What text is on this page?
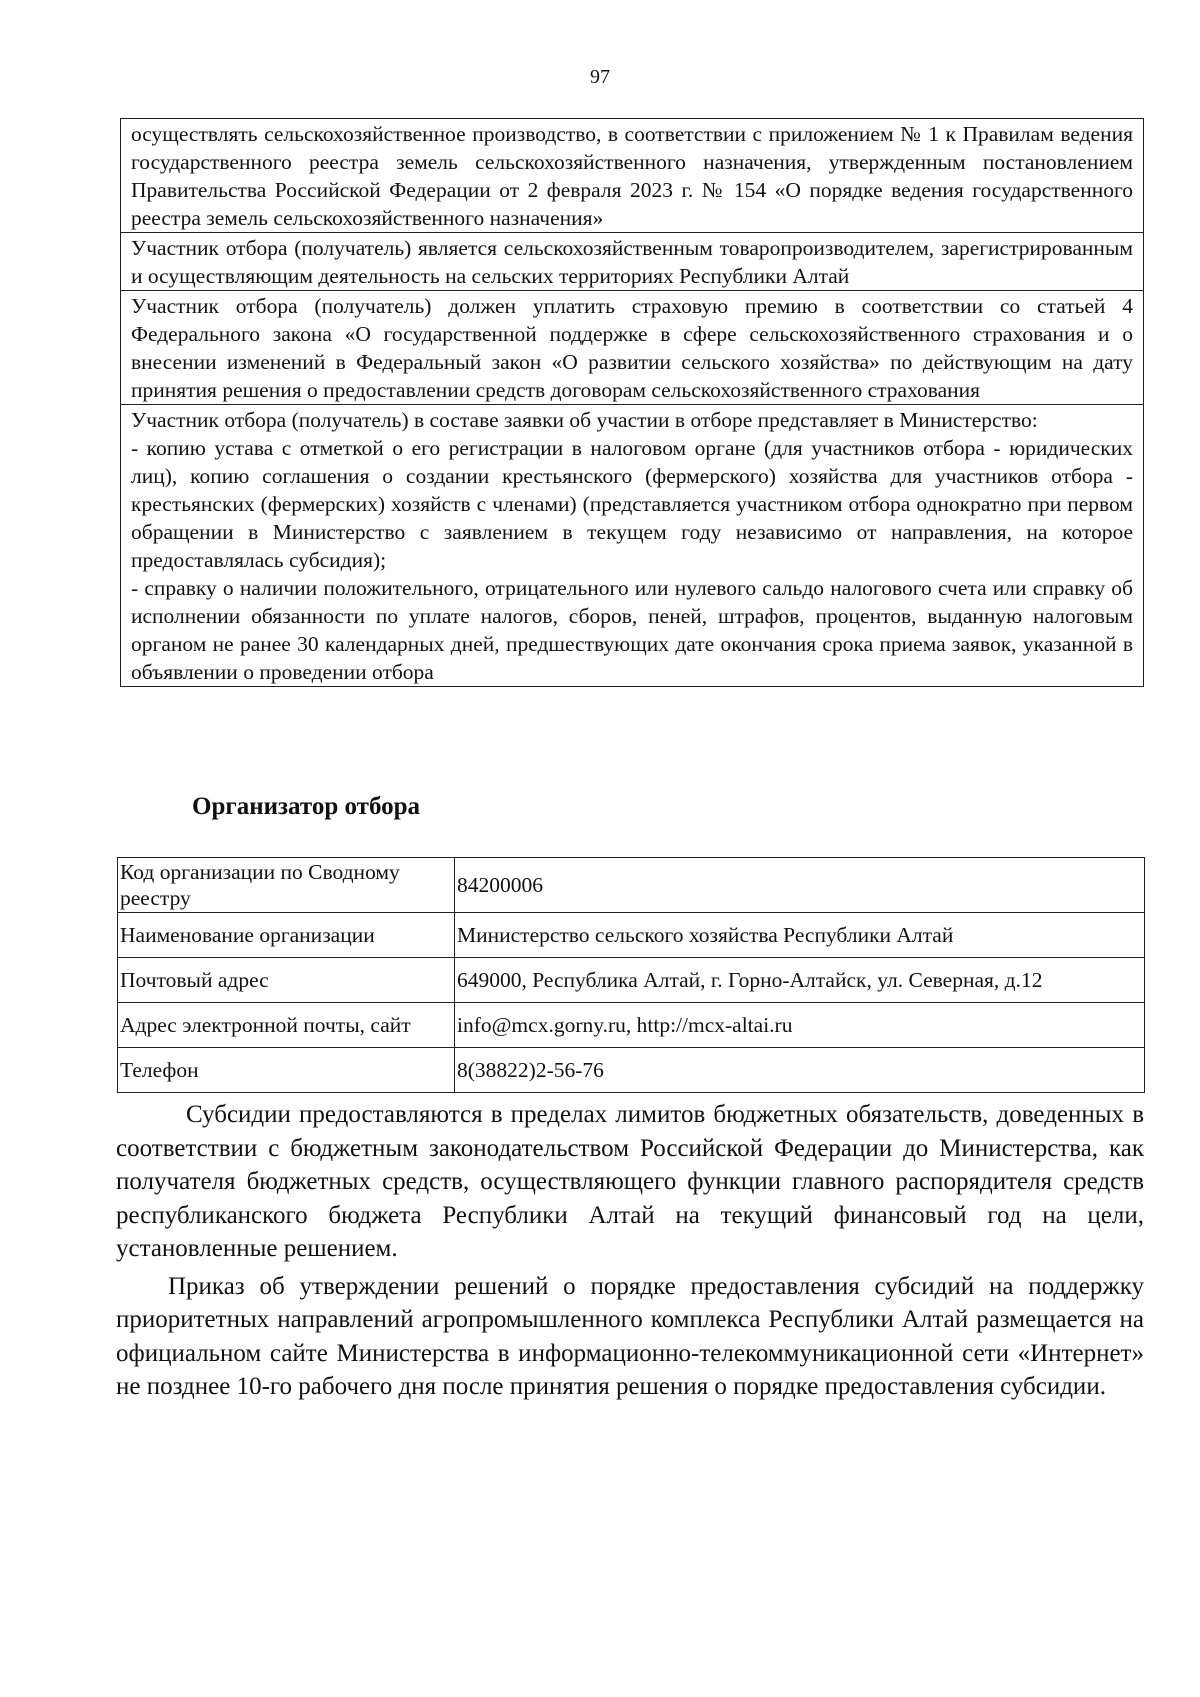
97

осуществлять сельскохозяйственное производство, в соответствии с приложением № 1 к Правилам ведения государственного реестра земель сельскохозяйственного назначения, утвержденным постановлением Правительства Российской Федерации от 2 февраля 2023 г. № 154 «О порядке ведения государственного реестра земель сельскохозяйственного назначения»

Участник отбора (получатель) является сельскохозяйственным товаропроизводителем, зарегистрированным и осуществляющим деятельность на сельских территориях Республики Алтай

Участник отбора (получатель) должен уплатить страховую премию в соответствии со статьей 4 Федерального закона «О государственной поддержке в сфере сельскохозяйственного страхования и о внесении изменений в Федеральный закон «О развитии сельского хозяйства» по действующим на дату принятия решения о предоставлении средств договорам сельскохозяйственного страхования

Участник отбора (получатель) в составе заявки об участии в отборе представляет в Министерство:

- копию устава с отметкой о его регистрации в налоговом органе (для участников отбора - юридических лиц), копию соглашения о создании крестьянского (фермерского) хозяйства для участников отбора - крестьянских (фермерских) хозяйств с членами) (представляется участником отбора однократно при первом обращении в Министерство с заявлением в текущем году независимо от направления, на которое предоставлялась субсидия);

- справку о наличии положительного, отрицательного или нулевого сальдо налогового счета или справку об исполнении обязанности по уплате налогов, сборов, пеней, штрафов, процентов, выданную налоговым органом не ранее 30 календарных дней, предшествующих дате окончания срока приема заявок, указанной в объявлении о проведении отбора

Организатор отбора
Код организации по Сводному реестру	84200006
Наименование организации	Министерство сельского хозяйства Республики Алтай
Почтовый адрес	649000, Республика Алтай, г. Горно-Алтайск, ул. Северная, д.12
Адрес электронной почты, сайт	info@mcx.gorny.ru, http://mcx-altai.ru
Телефон	8(38822)2-56-76

Субсидии предоставляются в пределах лимитов бюджетных обязательств, доведенных в соответствии с бюджетным законодательством Российской Федерации до Министерства, как получателя бюджетных средств, осуществляющего функции главного распорядителя средств республиканского бюджета Республики Алтай на текущий финансовый год на цели, установленные решением.

Приказ об утверждении решений о порядке предоставления субсидий на поддержку приоритетных направлений агропромышленного комплекса Республики Алтай размещается на официальном сайте Министерства в информационно-телекоммуникационной сети «Интернет» не позднее 10-го рабочего дня после принятия решения о порядке предоставления субсидии.
